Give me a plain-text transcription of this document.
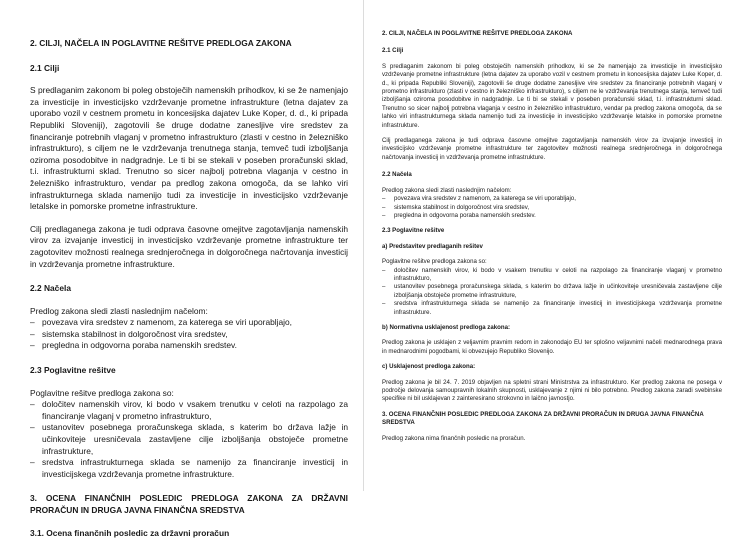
2. CILJI, NAČELA IN POGLAVITNE REŠITVE PREDLOGA ZAKONA
2.1 Cilji

S predlaganim zakonom bi poleg obstoječih namenskih prihodkov, ki se že namenjajo za investicije in investicijsko vzdrževanje prometne infrastrukture (letna dajatev za uporabo vozil v cestnem prometu in koncesijska dajatev Luke Koper, d. d., ki pripada Republiki Sloveniji), zagotovili še druge dodatne zanesljive vire sredstev za financiranje potrebnih vlaganj v prometno infrastrukturo (zlasti v cestno in železniško infrastrukturo), s ciljem ne le vzdrževanja trenutnega stanja, temveč tudi izboljšanja oziroma posodobitve in nadgradnje. Le ti bi se stekali v poseben proračunski sklad, t.i. infrastrukturni sklad. Trenutno so sicer najbolj potrebna vlaganja v cestno in železniško infrastrukturo, vendar pa predlog zakona omogoča, da se lahko viri infrastrukturnega sklada namenijo tudi za investicije in investicijsko vzdrževanje letalske in pomorske prometne infrastrukture.

Cilj predlaganega zakona je tudi odprava časovne omejitve zagotavljanja namenskih virov za izvajanje investicij in investicijsko vzdrževanje prometne infrastrukture ter zagotovitev možnosti realnega srednjeročnega in dolgoročnega načrtovanja investicij in vzdrževanja prometne infrastrukture.

2.2 Načela

Predlog zakona sledi zlasti naslednjim načelom:

– povezava vira sredstev z namenom, za katerega se viri uporabljajo,
– sistemska stabilnost in dolgoročnost vira sredstev,
– pregledna in odgovorna poraba namenskih sredstev.
2.3 Poglavitne rešitve

Poglavitne rešitve predloga zakona so:

– določitev namenskih virov, ki bodo v vsakem trenutku v celoti na razpolago za financiranje vlaganj v prometno infrastrukturo,
– ustanovitev posebnega proračunskega sklada, s katerim bo država lažje in učinkoviteje uresničevala zastavljene cilje izboljšanja obstoječe prometne infrastrukture,
– sredstva infrastrukturnega sklada se namenijo za financiranje investicij in investicijskega vzdrževanja prometne infrastrukture.
3. OCENA FINANČNIH POSLEDIC PREDLOGA ZAKONA ZA DRŽAVNI PRORAČUN IN DRUGA JAVNA FINANČNA SREDSTVA
3.1. Ocena finančnih posledic za državni proračun
2. CILJI, NAČELA IN POGLAVITNE REŠITVE PREDLOGA ZAKONA
2.1 Cilji

S predlaganim zakonom bi poleg obstoječih namenskih prihodkov, ki se že namenjajo za investicije in investicijsko vzdrževanje prometne infrastrukture (letna dajatev za uporabo vozil v cestnem prometu in koncesijska dajatev Luke Koper, d. d., ki pripada Republiki Sloveniji), zagotovili še druge dodatne zanesljive vire sredstev za financiranje potrebnih vlaganj v prometno infrastrukturo (zlasti v cestno in železniško infrastrukturo), s ciljem ne le vzdrževanja trenutnega stanja, temveč tudi izboljšanja oziroma posodobitve in nadgradnje. Le ti bi se stekali v poseben proračunski sklad, t.i. infrastrukturni sklad. Trenutno so sicer najbolj potrebna vlaganja v cestno in železniško infrastrukturo, vendar pa predlog zakona omogoča, da se lahko viri infrastrukturnega sklada namenijo tudi za investicije in investicijsko vzdrževanje letalske in pomorske prometne infrastrukture.

Cilj predlaganega zakona je tudi odprava časovne omejitve zagotavljanja namenskih virov za izvajanje investicij in investicijsko vzdrževanje prometne infrastrukture ter zagotovitev možnosti realnega srednjeročnega in dolgoročnega načrtovanja investicij in vzdrževanja prometne infrastrukture.

2.2 Načela

Predlog zakona sledi zlasti naslednjim načelom:

– povezava vira sredstev z namenom, za katerega se viri uporabljajo,
– sistemska stabilnost in dolgoročnost vira sredstev,
– pregledna in odgovorna poraba namenskih sredstev.
2.3 Poglavitne rešitve
a) Predstavitev predlaganih rešitev

Poglavitne rešitve predloga zakona so:

– določitev namenskih virov, ki bodo v vsakem trenutku v celoti na razpolago za financiranje vlaganj v prometno infrastrukturo,
– ustanovitev posebnega proračunskega sklada, s katerim bo država lažje in učinkoviteje uresničevala zastavljene cilje izboljšanja obstoječe prometne infrastrukture,
– sredstva infrastrukturnega sklada se namenijo za financiranje investicij in investicijskega vzdrževanja prometne infrastrukture.
b) Normativna usklajenost predloga zakona:

Predlog zakona je usklajen z veljavnim pravnim redom in zakonodajo EU ter splošno veljavnimi načeli mednarodnega prava in mednarodnimi pogodbami, ki obvezujejo Republiko Slovenijo.

c) Usklajenost predloga zakona:

Predlog zakona je bil 24. 7. 2019 objavljen na spletni strani Ministrstva za infrastrukturo. Ker predlog zakona ne posega v področje delovanja samoupravnih lokalnih skupnosti, usklajevanje z njimi ni bilo potrebno. Predlog zakona zaradi svebinske specifike ni bil usklajevan z zainteresirano strokovno in laično javnostjo.

3. OCENA FINANČNIH POSLEDIC PREDLOGA ZAKONA ZA DRŽAVNI PRORAČUN IN DRUGA JAVNA FINANČNA SREDSTVA

Predlog zakona nima finančnih posledic na proračun.
